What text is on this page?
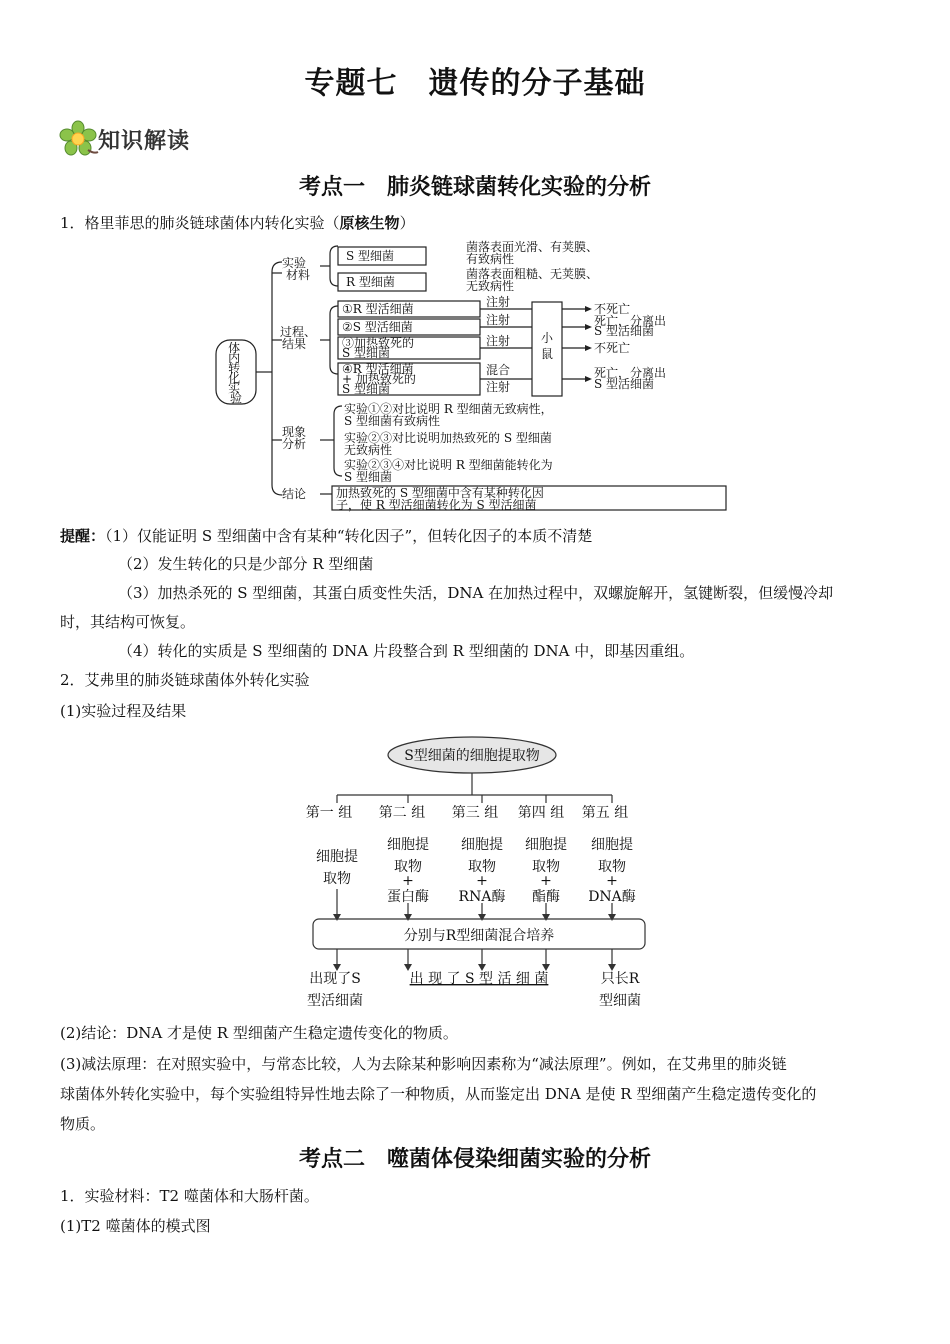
专题七　遗传的分子基础
知识解读
考点一　肺炎链球菌转化实验的分析
1．格里菲思的肺炎链球菌体内转化实验（原核生物）
体 内 转 化 实 验
实验材料
过程、结果
现象分析
结论
S 型细菌
菌落表面光滑、有荚膜、有致病性
R 型细菌
菌落表面粗糙、无荚膜、无致病性
①R 型活细菌
②S 型活细菌
③加热致死的 S 型细菌
④R 型活细菌+ 加热致死的 S 型细菌
注射
注射
注射
混合
注射
小鼠
不死亡
死亡，分离出 S 型活细菌
不死亡
死亡，分离出 S 型活细菌
实验①②对比说明 R 型细菌无致病性， S 型细菌有致病性
实验②③对比说明加热致死的 S 型细菌无致病性
实验②③④对比说明 R 型细菌能转化为 S 型细菌
加热致死的 S 型细菌中含有某种转化因子，使 R 型活细菌转化为 S 型活细菌
提醒：（1）仅能证明 S 型细菌中含有某种“转化因子”，但转化因子的本质不清楚
（2）发生转化的只是少部分 R 型细菌
（3）加热杀死的 S 型细菌，其蛋白质变性失活，DNA 在加热过程中，双螺旋解开，氢键断裂，但缓慢冷却
时，其结构可恢复。
（4）转化的实质是 S 型细菌的 DNA 片段整合到 R 型细菌的 DNA 中，即基因重组。
2．艾弗里的肺炎链球菌体外转化实验
(1)实验过程及结果
S型细菌的细胞提取物
第一 组 第二 组 第三 组 第四 组 第五 组
细胞提取物
细胞提取物+蛋白酶
细胞提取物+ RNA酶
细胞提取物+酯酶
细胞提取物+ DNA酶
分别与R型细菌混合培养
出现了S 型活细菌
出 现 了 S 型 活 细 菌	只长R 型细菌
(2)结论：DNA 才是使 R 型细菌产生稳定遗传变化的物质。
(3)减法原理：在对照实验中，与常态比较，人为去除某种影响因素称为“减法原理”。例如，在艾弗里的肺炎链
球菌体外转化实验中，每个实验组特异性地去除了一种物质，从而鉴定出 DNA 是使 R 型细菌产生稳定遗传变化的
物质。
考点二　噬菌体侵染细菌实验的分析
1．实验材料：T2 噬菌体和大肠杆菌。
(1)T2 噬菌体的模式图
